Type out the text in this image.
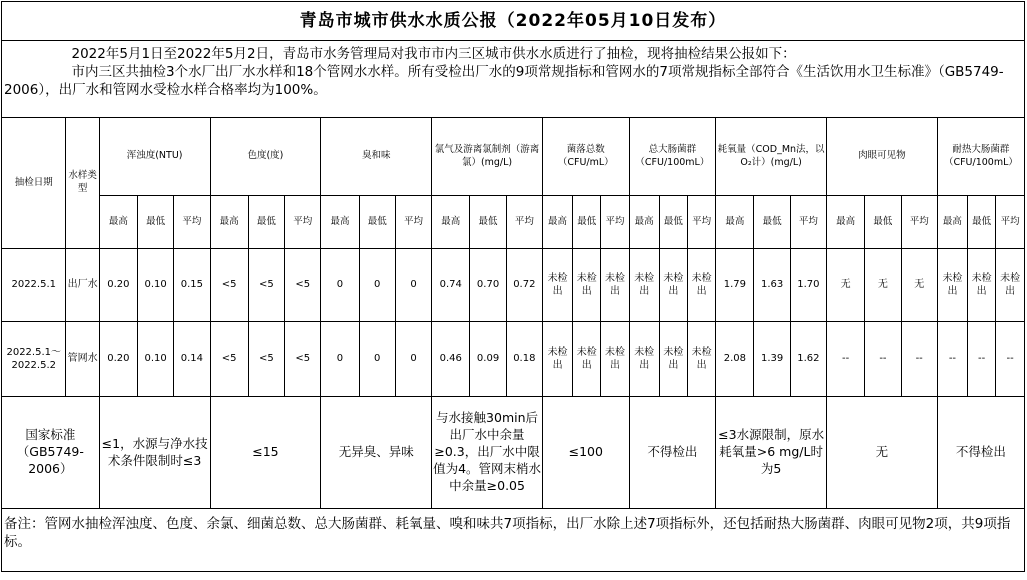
青岛市城市供水水质公报（2022年05月10日发布）																												

　　　　　2022年5月1日至2022年5月2日，青岛市水务管理局对我市市内三区城市供水水质进行了抽检，现将抽检结果公报如下：

　　　　　市内三区共抽检3个水厂出厂水水样和18个管网水水样。所有受检出厂水的9项常规指标和管网水的7项常规指标全部符合《生活饮用水卫生标准》（GB5749-2006），出厂水和管网水受检水样合格率均为100%。																												

抽检日期	水样类型	浑浊度(NTU)			色度(度)			臭和味			氯气及游离氯制剂（游离氯）(mg/L)			菌落总数（CFU/mL）			总大肠菌群（CFU/100mL）			耗氧量（COD_Mn法，以O₂计）(mg/L)			肉眼可见物			耐热大肠菌群（CFU/100mL）		
		最高	最低	平均	最高	最低	平均	最高	最低	平均	最高	最低	平均	最高	最低	平均	最高	最低	平均	最高	最低	平均	最高	最低	平均	最高	最低	平均
2022.5.1	出厂水	0.20	0.10	0.15	<5	<5	<5	0	0	0	0.74	0.70	0.72	未检出	未检出	未检出	未检出	未检出	未检出	1.79	1.63	1.70	无	无	无	未检出	未检出	未检出
2022.5.1～2022.5.2	管网水	0.20	0.10	0.14	<5	<5	<5	0	0	0	0.46	0.09	0.18	未检出	未检出	未检出	未检出	未检出	未检出	2.08	1.39	1.62	--	--	--	--	--	--
国家标准（GB5749-2006）		≤1，水源与净水技术条件限制时≤3			≤15			无异臭、异味			与水接触30min后出厂水中余量≥0.3，出厂水中限值为4。管网末梢水中余量≥0.05			≤100			不得检出			≤3水源限制，原水耗氧量>6 mg/L时为5			无			不得检出		
备注：管网水抽检浑浊度、色度、余氯、细菌总数、总大肠菌群、耗氧量、嗅和味共7项指标，出厂水除上述7项指标外，还包括耐热大肠菌群、肉眼可见物2项，共9项指标。																												
